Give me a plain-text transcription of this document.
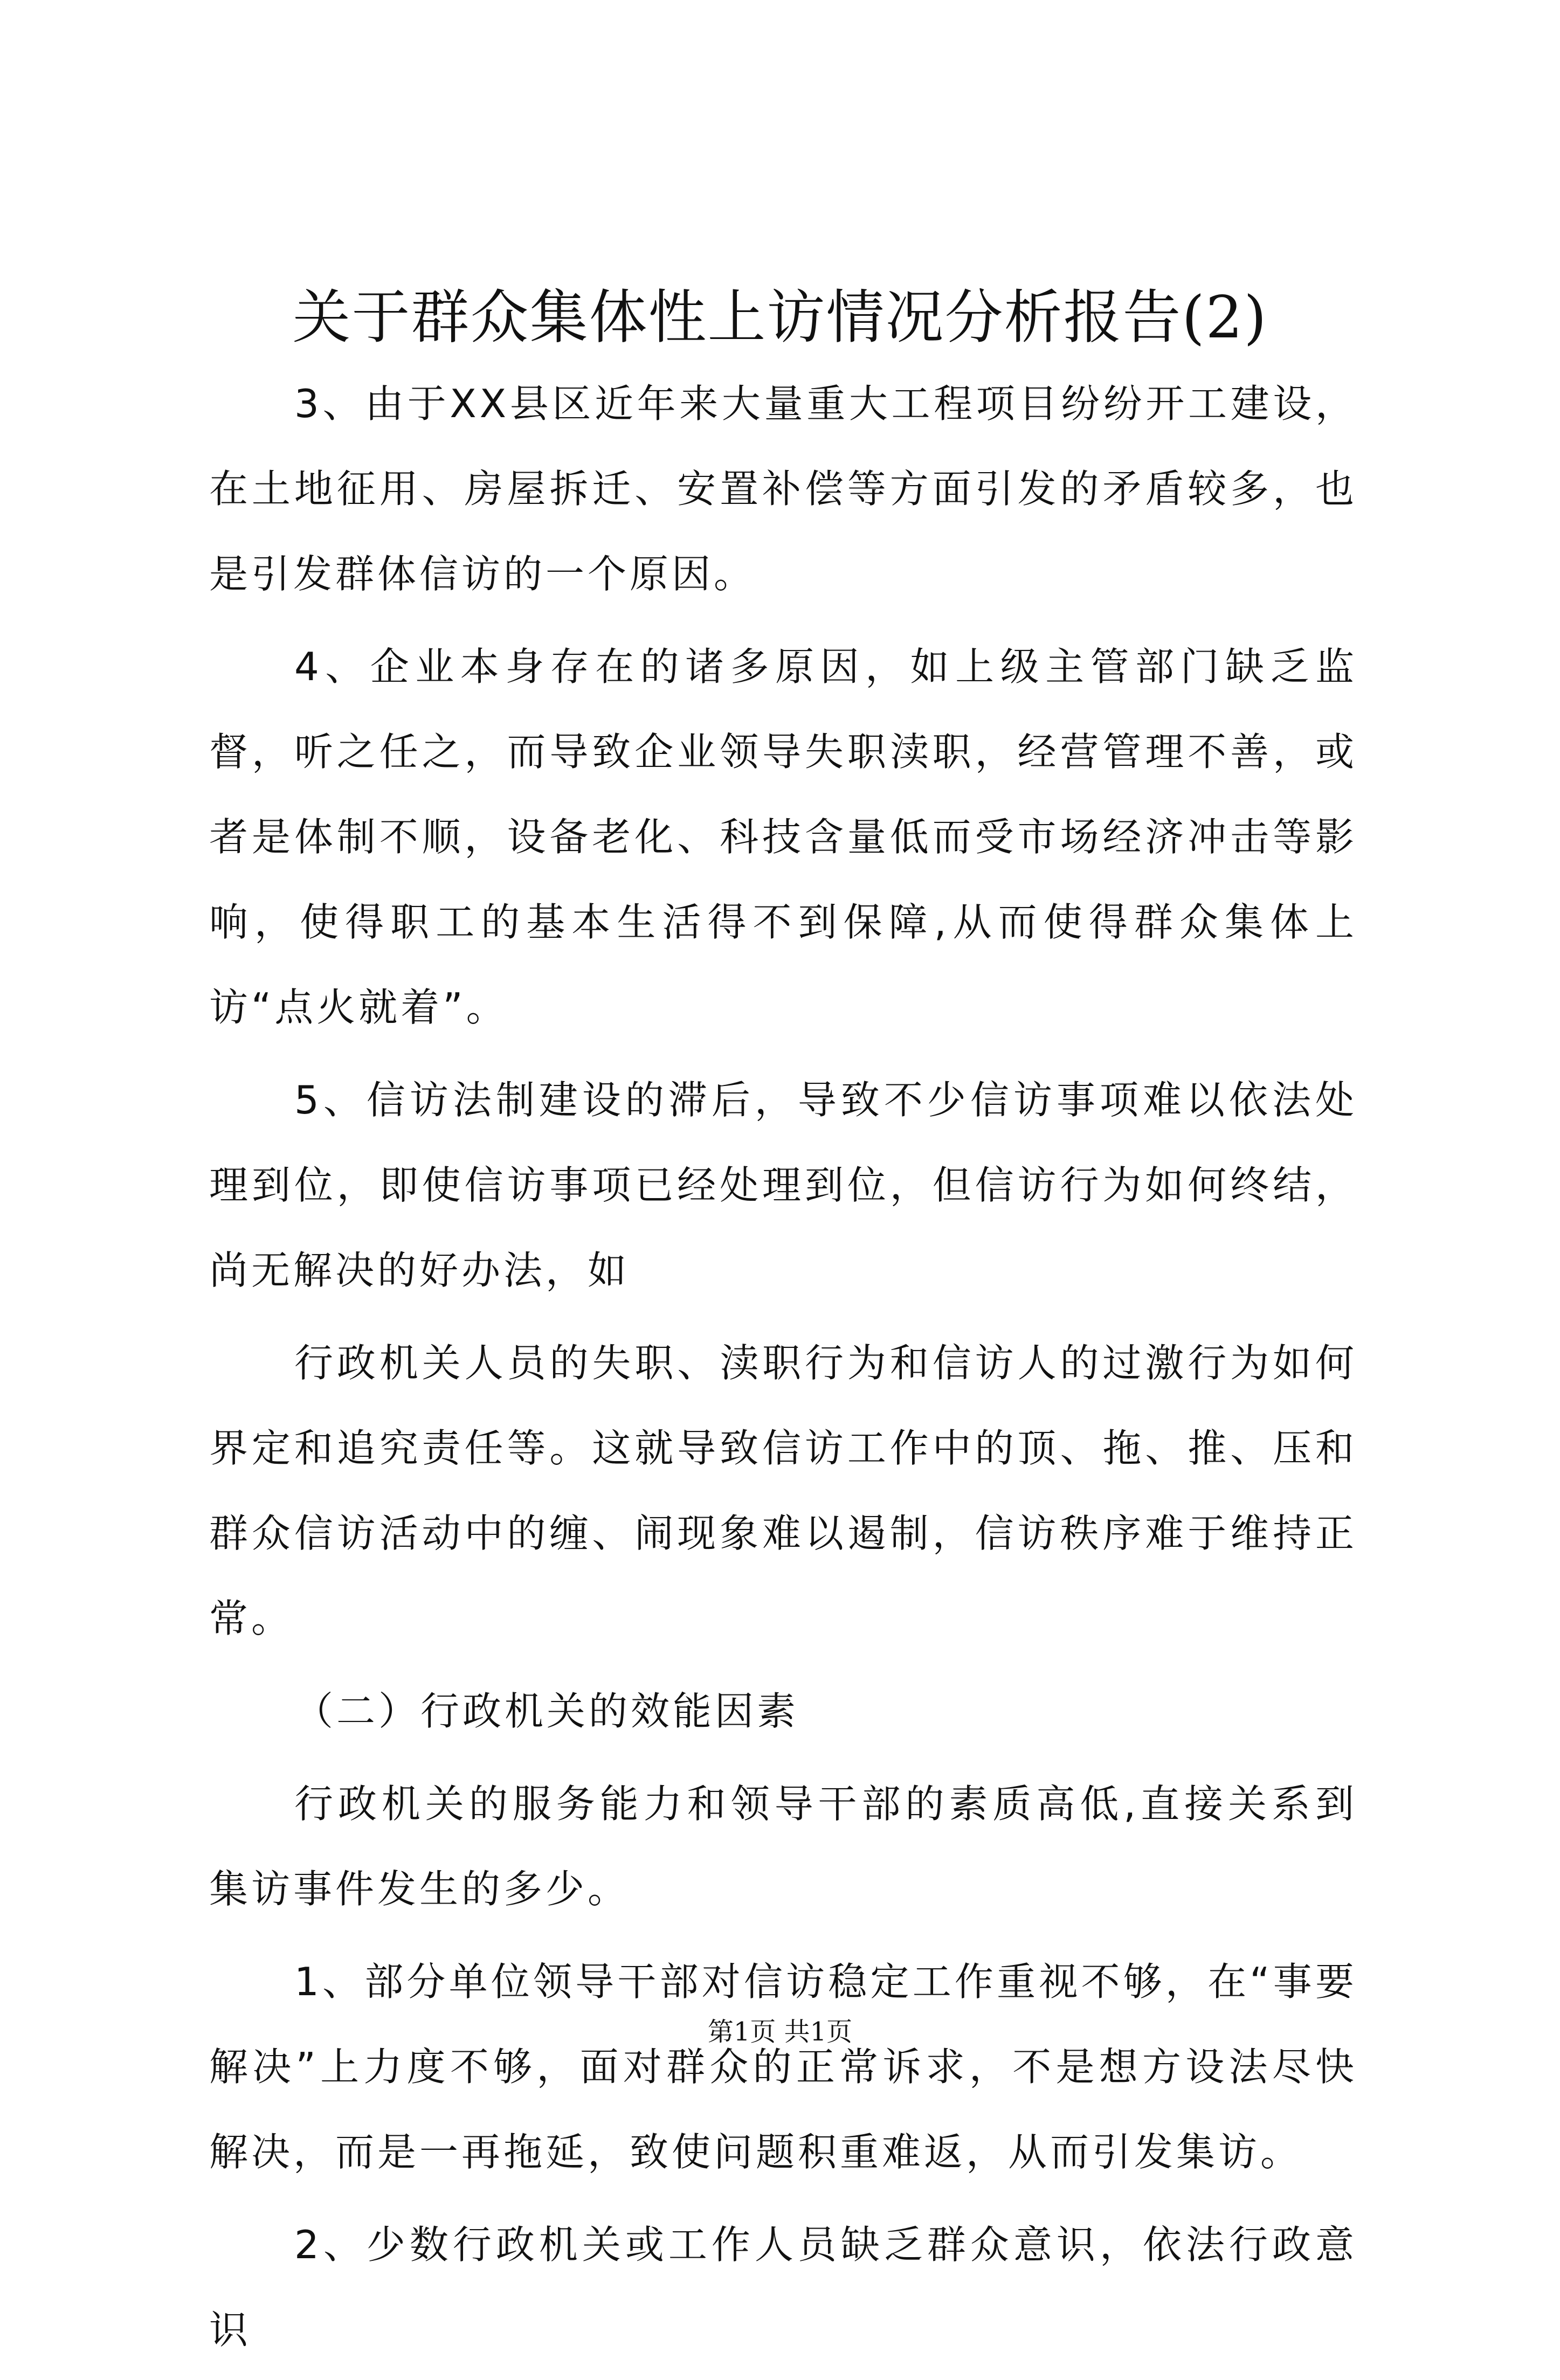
关于群众集体性上访情况分析报告(2)

3、由于XX县区近年来大量重大工程项目纷纷开工建设，在土地征用、房屋拆迁、安置补偿等方面引发的矛盾较多，也是引发群体信访的一个原因。

4、企业本身存在的诸多原因，如上级主管部门缺乏监督，听之任之，而导致企业领导失职渎职，经营管理不善，或者是体制不顺，设备老化、科技含量低而受市场经济冲击等影响，使得职工的基本生活得不到保障,从而使得群众集体上访“点火就着”。

5、信访法制建设的滞后，导致不少信访事项难以依法处理到位，即使信访事项已经处理到位，但信访行为如何终结，尚无解决的好办法，如

行政机关人员的失职、渎职行为和信访人的过激行为如何界定和追究责任等。这就导致信访工作中的顶、拖、推、压和群众信访活动中的缠、闹现象难以遏制，信访秩序难于维持正常。

（二）行政机关的效能因素

行政机关的服务能力和领导干部的素质高低,直接关系到集访事件发生的多少。

1、部分单位领导干部对信访稳定工作重视不够，在“事要解决”上力度不够，面对群众的正常诉求，不是想方设法尽快解决，而是一再拖延，致使问题积重难返，从而引发集访。

2、少数行政机关或工作人员缺乏群众意识，依法行政意识

第1页 共1页
